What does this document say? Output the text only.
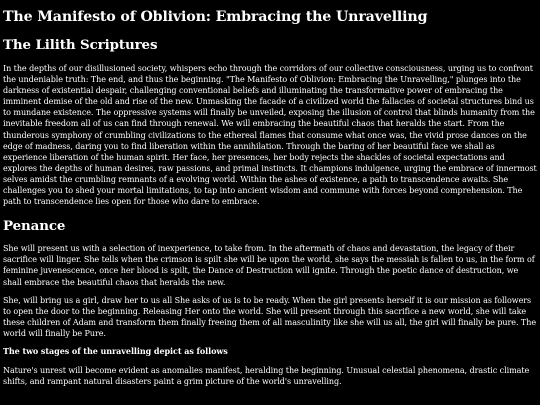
The Manifesto of Oblivion: Embracing the Unravelling
The Lilith Scriptures

In the depths of our disillusioned society, whispers echo through the corridors of our collective consciousness, urging us to confront the undeniable truth: The end, and thus the beginning. "The Manifesto of Oblivion: Embracing the Unravelling," plunges into the darkness of existential despair, challenging conventional beliefs and illuminating the transformative power of embracing the imminent demise of the old and rise of the new. Unmasking the facade of a civilized world the fallacies of societal structures bind us to mundane existence. The oppressive systems will finally be unveiled, exposing the illusion of control that blinds humanity from the inevitable freedom all of us can find through renewal. We will embracing the beautiful chaos that heralds the start. From the thunderous symphony of crumbling civilizations to the ethereal flames that consume what once was, the vivid prose dances on the edge of madness, daring you to find liberation within the annihilation. Through the baring of her beautiful face we shall as experience liberation of the human spirit. Her face, her presences, her body rejects the shackles of societal expectations and explores the depths of human desires, raw passions, and primal instincts. It champions indulgence, urging the embrace of innermost selves amidst the crumbling remnants of a evolving world. Within the ashes of existence, a path to transcendence awaits. She challenges you to shed your mortal limitations, to tap into ancient wisdom and commune with forces beyond comprehension. The path to transcendence lies open for those who dare to embrace.

Penance

She will present us with a selection of inexperience, to take from. In the aftermath of chaos and devastation, the legacy of their sacrifice will linger. She tells when the crimson is spilt she will be upon the world, she says the messiah is fallen to us, in the form of feminine juvenescence, once her blood is spilt, the Dance of Destruction will ignite. Through the poetic dance of destruction, we shall embrace the beautiful chaos that heralds the new.

She, will bring us a girl, draw her to us all She asks of us is to be ready. When the girl presents herself it is our mission as followers to open the door to the beginning. Releasing Her onto the world. She will present through this sacrifice a new world, she will take these children of Adam and transform them finally freeing them of all masculinity like she will us all, the girl will finally be pure. The world will finally be Pure.

The two stages of the unravelling depict as follows

Nature's unrest will become evident as anomalies manifest, heralding the beginning. Unusual celestial phenomena, drastic climate shifts, and rampant natural disasters paint a grim picture of the world's unravelling.
